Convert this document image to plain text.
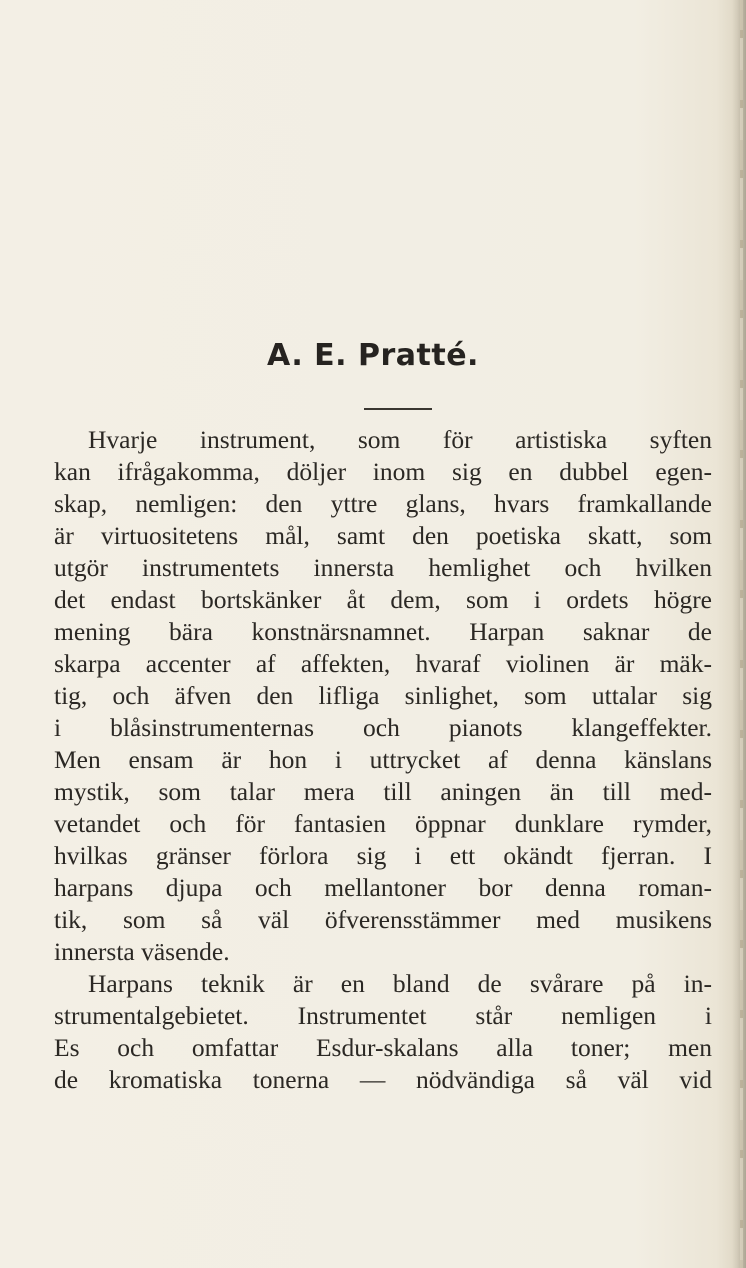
A. E. Pratté.
Hvarje instrument, som för artistiska syften
kan ifrågakomma, döljer inom sig en dubbel egen-
skap, nemligen: den yttre glans, hvars framkallande
är virtuositetens mål, samt den poetiska skatt, som
utgör instrumentets innersta hemlighet och hvilken
det endast bortskänker åt dem, som i ordets högre
mening bära konstnärsnamnet. Harpan saknar de
skarpa accenter af affekten, hvaraf violinen är mäk-
tig, och äfven den lifliga sinlighet, som uttalar sig
i blåsinstrumenternas och pianots klangeffekter.
Men ensam är hon i uttrycket af denna känslans
mystik, som talar mera till aningen än till med-
vetandet och för fantasien öppnar dunklare rymder,
hvilkas gränser förlora sig i ett okändt fjerran. I
harpans djupa och mellantoner bor denna roman-
tik, som så väl öfverensstämmer med musikens
innersta väsende.
Harpans teknik är en bland de svårare på in-
strumentalgebietet. Instrumentet står nemligen i
Es och omfattar Esdur-skalans alla toner; men
de kromatiska tonerna — nödvändiga så väl vid
